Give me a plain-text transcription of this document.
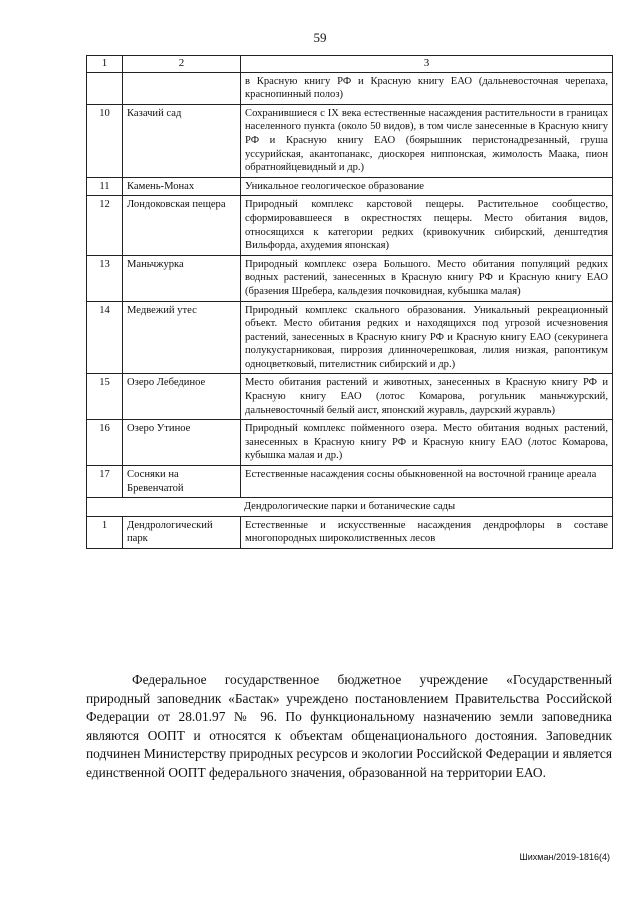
59
1	2	3
		в Красную книгу РФ и Красную книгу ЕАО (дальневосточная черепаха, краснопинный полоз)
10	Казачий сад	Сохранившиеся с IX века естественные насаждения растительности в границах населенного пункта (около 50 видов), в том числе занесенные в Красную книгу РФ и Красную книгу ЕАО (боярышник перистонадрезанный, груша уссурийская, акантопанакс, диоскорея ниппонская, жимолость Маака, пион обратнояйцевидный и др.)
11	Камень-Монах	Уникальное геологическое образование
12	Лондоковская пещера	Природный комплекс карстовой пещеры. Растительное сообщество, сформировавшееся в окрестностях пещеры. Место обитания видов, относящихся к категории редких (кривокучник сибирский, денштедтия Вильфорда, ахудемия японская)
13	Маньчжурка	Природный комплекс озера Большого. Место обитания популяций редких водных растений, занесенных в Красную книгу РФ и Красную книгу ЕАО (бразения Шребера, кальдезия почковидная, кубышка малая)
14	Медвежий утес	Природный комплекс скального образования. Уникальный рекреационный объект. Место обитания редких и находящихся под угрозой исчезновения растений, занесенных в Красную книгу РФ и Красную книгу ЕАО (секуринега полукустарниковая, пиррозия длинночерешковая, лилия низкая, рапонтикум одноцветковый, пителистник сибирский и др.)
15	Озеро Лебединое	Место обитания растений и животных, занесенных в Красную книгу РФ и Красную книгу ЕАО (лотос Комарова, рогульник маньчжурский, дальневосточный белый аист, японский журавль, даурский журавль)
16	Озеро Утиное	Природный комплекс пойменного озера. Место обитания водных растений, занесенных в Красную книгу РФ и Красную книгу ЕАО (лотос Комарова, кубышка малая и др.)
17	Сосняки на Бревенчатой	Естественные насаждения сосны обыкновенной на восточной границе ареала
Дендрологические парки и ботанические сады		
1	Дендрологический парк	Естественные и искусственные насаждения дендрофлоры в составе многопородных широколиственных лесов

Федеральное государственное бюджетное учреждение «Государственный природный заповедник «Бастак» учреждено постановлением Правительства Российской Федерации от 28.01.97 № 96. По функциональному назначению земли заповедника являются ООПТ и относятся к объектам общенационального достояния. Заповедник подчинен Министерству природных ресурсов и экологии Российской Федерации и является единственной ООПТ федерального значения, образованной на территории ЕАО.

Шихман/2019-1816(4)
